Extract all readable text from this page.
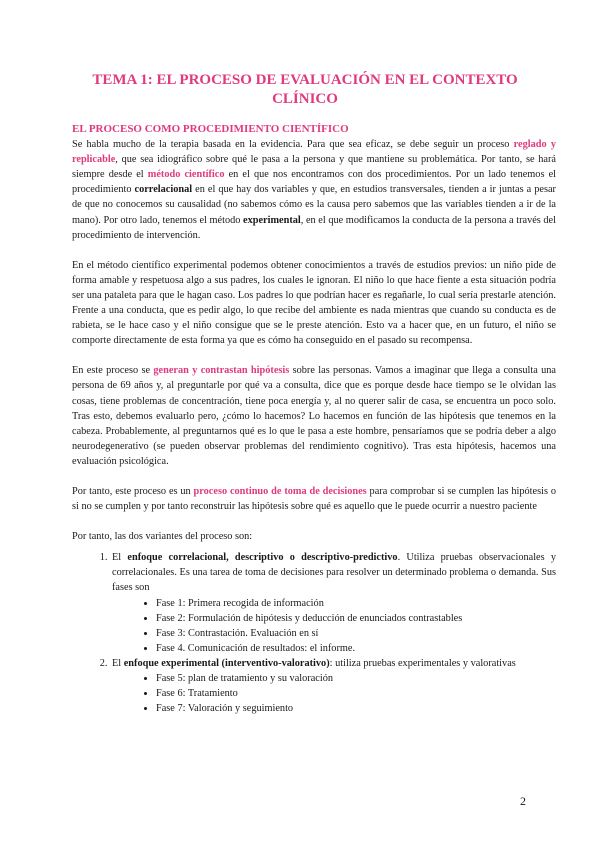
TEMA 1: EL PROCESO DE EVALUACIÓN EN EL CONTEXTO
CLÍNICO

EL PROCESO COMO PROCEDIMIENTO CIENTÍFICO

Se habla mucho de la terapia basada en la evidencia. Para que sea eficaz, se debe seguir un proceso reglado y replicable, que sea idiográfico sobre qué le pasa a la persona y que mantiene su problemática. Por tanto, se hará siempre desde el método científico en el que nos encontramos con dos procedimientos. Por un lado tenemos el procedimiento correlacional en el que hay dos variables y que, en estudios transversales, tienden a ir juntas a pesar de que no conocemos su causalidad (no sabemos cómo es la causa pero sabemos que las variables tienden a ir de la mano). Por otro lado, tenemos el método experimental, en el que modificamos la conducta de la persona a través del procedimiento de intervención.

En el método científico experimental podemos obtener conocimientos a través de estudios previos: un niño pide de forma amable y respetuosa algo a sus padres, los cuales le ignoran. El niño lo que hace fiente a esta situación podría ser una pataleta para que le hagan caso. Los padres lo que podrían hacer es regañarle, lo cual sería prestarle atención. Frente a una conducta, que es pedir algo, lo que recibe del ambiente es nada mientras que cuando su conducta es de rabieta, se le hace caso y el niño consigue que se le preste atención. Esto va a hacer que, en un futuro, el niño se comporte directamente de esta forma ya que es cómo ha conseguido en el pasado su recompensa.

En este proceso se generan y contrastan hipótesis sobre las personas. Vamos a imaginar que llega a consulta una persona de 69 años y, al preguntarle por qué va a consulta, dice que es porque desde hace tiempo se le olvidan las cosas, tiene problemas de concentración, tiene poca energía y, al no querer salir de casa, se encuentra un poco solo. Tras esto, debemos evaluarlo pero, ¿cómo lo hacemos? Lo hacemos en función de las hipótesis que tenemos en la cabeza. Probablemente, al preguntarnos qué es lo que le pasa a este hombre, pensaríamos que se podría deber a algo neurodegenerativo (se pueden observar problemas del rendimiento cognitivo). Tras esta hipótesis, hacemos una evaluación psicológica.

Por tanto, este proceso es un proceso continuo de toma de decisiones para comprobar si se cumplen las hipótesis o si no se cumplen y por tanto reconstruir las hipótesis sobre qué es aquello que le puede ocurrir a nuestro paciente

Por tanto, las dos variantes del proceso son:

1. El enfoque correlacional, descriptivo o descriptivo-predictivo. Utiliza pruebas observacionales y correlacionales. Es una tarea de toma de decisiones para resolver un determinado problema o demanda. Sus fases son
• Fase 1: Primera recogida de información
• Fase 2: Formulación de hipótesis y deducción de enunciados contrastables
• Fase 3: Contrastación. Evaluación en sí
• Fase 4. Comunicación de resultados: el informe.
2. El enfoque experimental (interventivo-valorativo): utiliza pruebas experimentales y valorativas
• Fase 5: plan de tratamiento y su valoración
• Fase 6: Tratamiento
• Fase 7: Valoración y seguimiento
2
